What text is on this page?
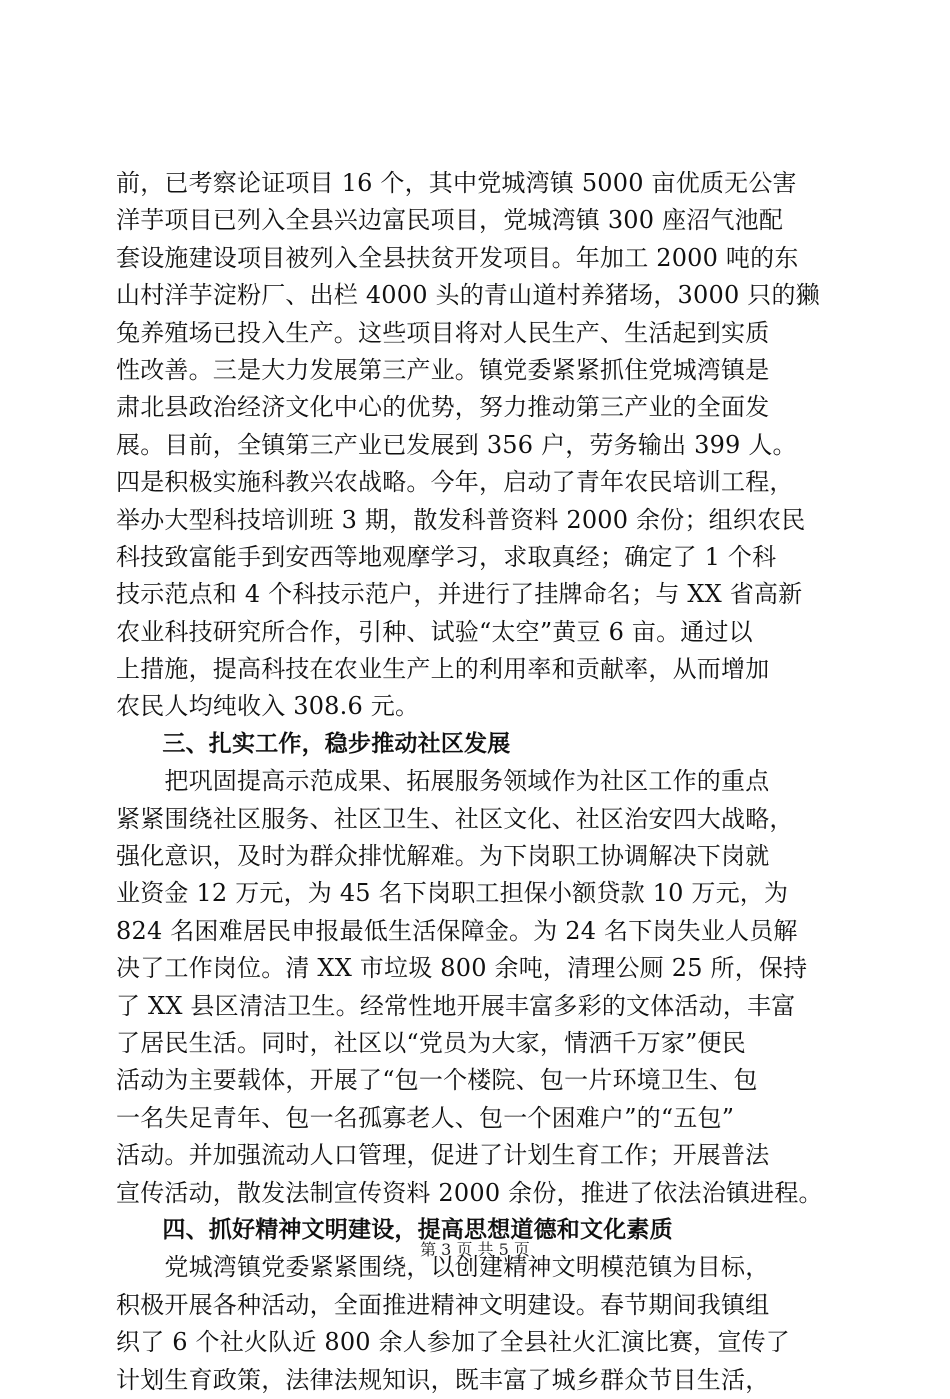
前，已考察论证项目 16 个，其中党城湾镇 5000 亩优质无公害
洋芋项目已列入全县兴边富民项目，党城湾镇 300 座沼气池配
套设施建设项目被列入全县扶贫开发项目。年加工 2000 吨的东
山村洋芋淀粉厂、出栏 4000 头的青山道村养猪场，3000 只的獭
兔养殖场已投入生产。这些项目将对人民生产、生活起到实质
性改善。三是大力发展第三产业。镇党委紧紧抓住党城湾镇是
肃北县政治经济文化中心的优势，努力推动第三产业的全面发
展。目前，全镇第三产业已发展到 356 户，劳务输出 399 人。
四是积极实施科教兴农战略。今年，启动了青年农民培训工程，
举办大型科技培训班 3 期，散发科普资料 2000 余份；组织农民
科技致富能手到安西等地观摩学习，求取真经；确定了 1 个科
技示范点和 4 个科技示范户，并进行了挂牌命名；与 XX 省高新
农业科技研究所合作，引种、试验“太空”黄豆 6 亩。通过以
上措施，提高科技在农业生产上的利用率和贡献率，从而增加
农民人均纯收入 308.6 元。
　　三、扎实工作，稳步推动社区发展
　　把巩固提高示范成果、拓展服务领域作为社区工作的重点
紧紧围绕社区服务、社区卫生、社区文化、社区治安四大战略，
强化意识，及时为群众排忧解难。为下岗职工协调解决下岗就
业资金 12 万元，为 45 名下岗职工担保小额贷款 10 万元，为
824 名困难居民申报最低生活保障金。为 24 名下岗失业人员解
决了工作岗位。清 XX 市垃圾 800 余吨，清理公厕 25 所，保持
了 XX 县区清洁卫生。经常性地开展丰富多彩的文体活动，丰富
了居民生活。同时，社区以“党员为大家，情洒千万家”便民
活动为主要载体，开展了“包一个楼院、包一片环境卫生、包
一名失足青年、包一名孤寡老人、包一个困难户”的“五包”
活动。并加强流动人口管理，促进了计划生育工作；开展普法
宣传活动，散发法制宣传资料 2000 余份，推进了依法治镇进程。
　　四、抓好精神文明建设，提高思想道德和文化素质
　　党城湾镇党委紧紧围绕，以创建精神文明模范镇为目标，
积极开展各种活动，全面推进精神文明建设。春节期间我镇组
织了 6 个社火队近 800 余人参加了全县社火汇演比赛，宣传了
计划生育政策，法律法规知识，既丰富了城乡群众节目生活，
第 3 页 共 5 页
